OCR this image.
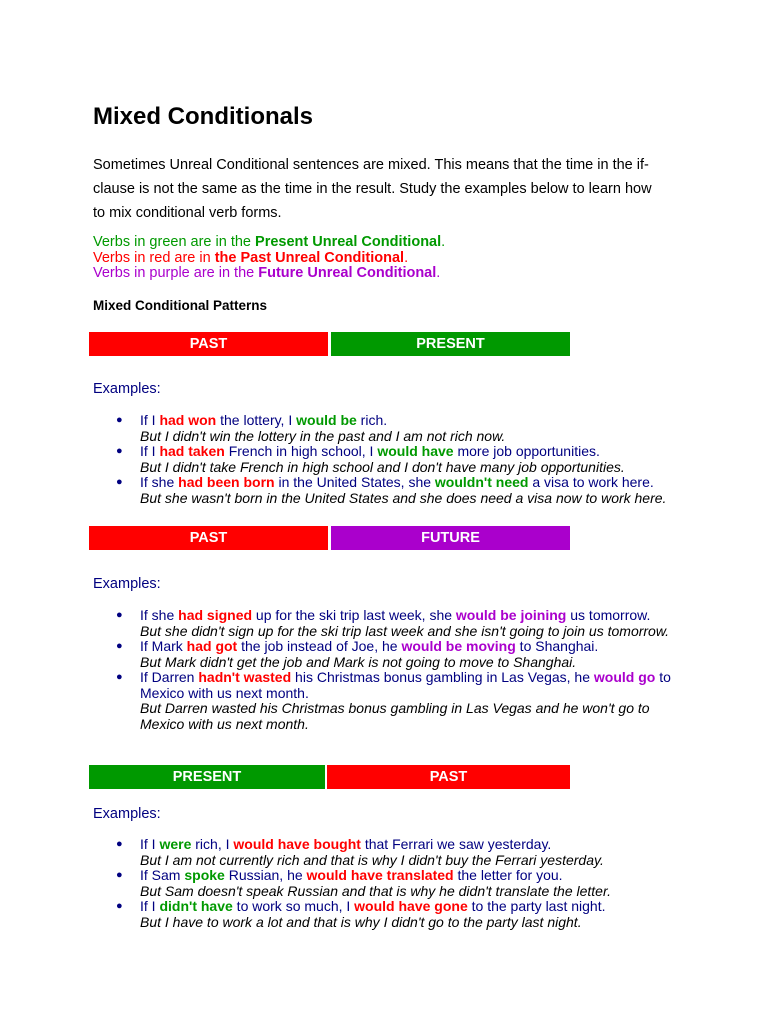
Mixed Conditionals

Sometimes Unreal Conditional sentences are mixed. This means that the time in the if-clause is not the same as the time in the result. Study the examples below to learn how to mix conditional verb forms.

Verbs in green are in the Present Unreal Conditional.
Verbs in red are in the Past Unreal Conditional.
Verbs in purple are in the Future Unreal Conditional.
Mixed Conditional Patterns
PAST	PRESENT
Examples:
● If I had won the lottery, I would be rich.
But I didn't win the lottery in the past and I am not rich now.
● If I had taken French in high school, I would have more job opportunities.
But I didn't take French in high school and I don't have many job opportunities.
● If she had been born in the United States, she wouldn't need a visa to work here.
But she wasn't born in the United States and she does need a visa now to work here.
PAST	FUTURE
Examples:
● If she had signed up for the ski trip last week, she would be joining us tomorrow.
But she didn't sign up for the ski trip last week and she isn't going to join us tomorrow.
● If Mark had got the job instead of Joe, he would be moving to Shanghai.
But Mark didn't get the job and Mark is not going to move to Shanghai.
● If Darren hadn't wasted his Christmas bonus gambling in Las Vegas, he would go to Mexico with us next month.
But Darren wasted his Christmas bonus gambling in Las Vegas and he won't go to Mexico with us next month.
PRESENT	PAST
Examples:
● If I were rich, I would have bought that Ferrari we saw yesterday.
But I am not currently rich and that is why I didn't buy the Ferrari yesterday.
● If Sam spoke Russian, he would have translated the letter for you.
But Sam doesn't speak Russian and that is why he didn't translate the letter.
● If I didn't have to work so much, I would have gone to the party last night.
But I have to work a lot and that is why I didn't go to the party last night.
